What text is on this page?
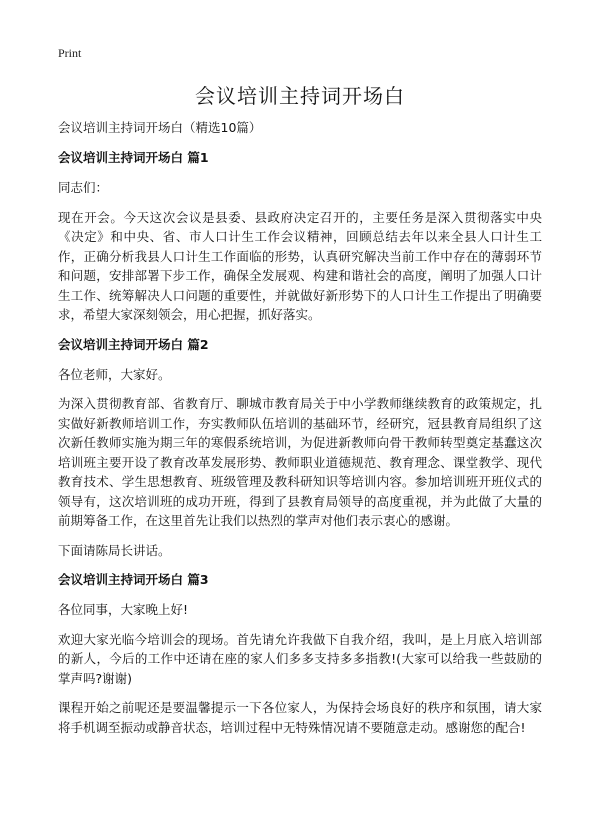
Print
会议培训主持词开场白
会议培训主持词开场白（精选10篇）
会议培训主持词开场白 篇1

同志们：

现在开会。今天这次会议是县委、县政府决定召开的，主要任务是深入贯彻落实中央《决定》和中央、省、市人口计生工作会议精神，回顾总结去年以来全县人口计生工作，正确分析我县人口计生工作面临的形势，认真研究解决当前工作中存在的薄弱环节和问题，安排部署下步工作，确保全发展观、构建和谐社会的高度，阐明了加强人口计生工作、统筹解决人口问题的重要性，并就做好新形势下的人口计生工作提出了明确要求，希望大家深刻领会，用心把握，抓好落实。

会议培训主持词开场白 篇2

各位老师，大家好。

为深入贯彻教育部、省教育厅、聊城市教育局关于中小学教师继续教育的政策规定，扎实做好新教师培训工作，夯实教师队伍培训的基础环节，经研究，冠县教育局组织了这次新任教师实施为期三年的寒假系统培训，为促进新教师向骨干教师转型奠定基蠢这次培训班主要开设了教育改革发展形势、教师职业道德规范、教育理念、课堂教学、现代教育技术、学生思想教育、班级管理及教科研知识等培训内容。参加培训班开班仪式的领导有，这次培训班的成功开班，得到了县教育局领导的高度重视，并为此做了大量的前期筹备工作，在这里首先让我们以热烈的掌声对他们表示衷心的感谢。

下面请陈局长讲话。

会议培训主持词开场白 篇3

各位同事，大家晚上好!

欢迎大家光临今培训会的现场。首先请允许我做下自我介绍，我叫，是上月底入培训部的新人，今后的工作中还请在座的家人们多多支持多多指教!(大家可以给我一些鼓励的掌声吗?谢谢)

课程开始之前呢还是要温馨提示一下各位家人，为保持会场良好的秩序和氛围，请大家将手机调至振动或静音状态，培训过程中无特殊情况请不要随意走动。感谢您的配合!
